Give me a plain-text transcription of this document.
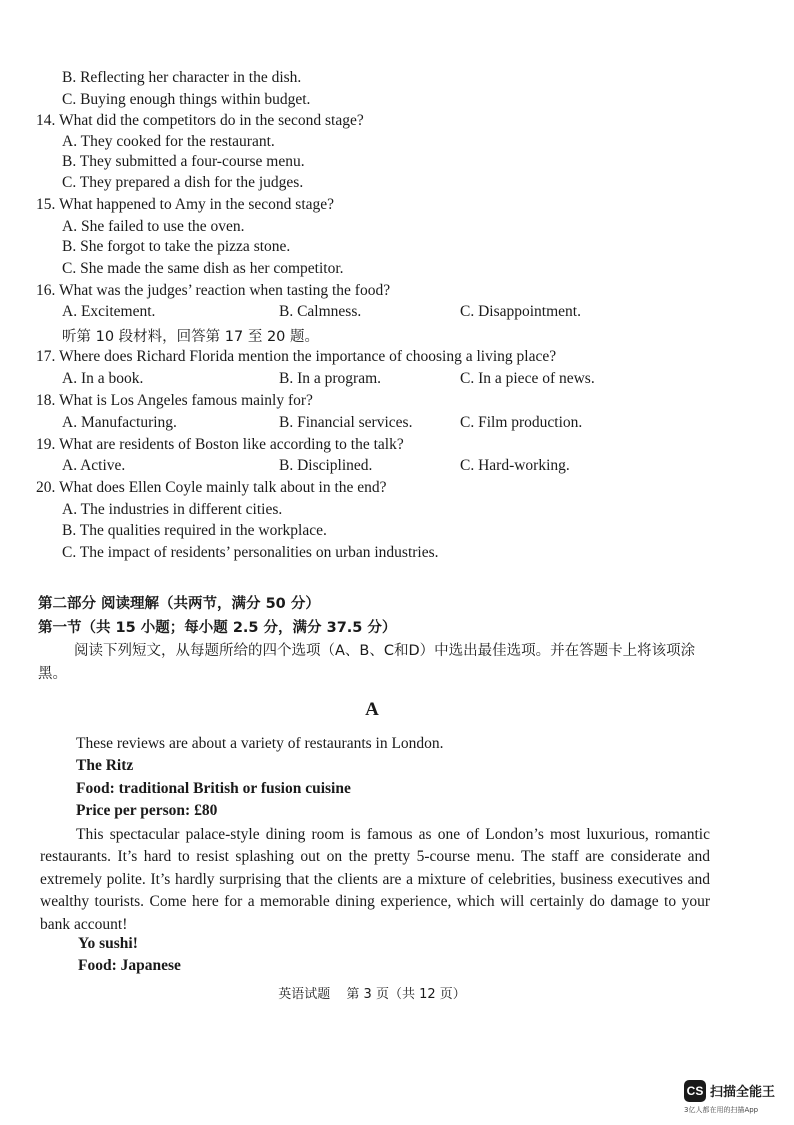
B. Reflecting her character in the dish.
C. Buying enough things within budget.
14. What did the competitors do in the second stage?
A. They cooked for the restaurant.
B. They submitted a four-course menu.
C. They prepared a dish for the judges.
15. What happened to Amy in the second stage?
A. She failed to use the oven.
B. She forgot to take the pizza stone.
C. She made the same dish as her competitor.
16. What was the judges’ reaction when tasting the food?
A. Excitement.	B. Calmness.	C. Disappointment.
听第 10 段材料，回答第 17 至 20 题。
17. Where does Richard Florida mention the importance of choosing a living place?
A. In a book.	B. In a program.	C. In a piece of news.
18. What is Los Angeles famous mainly for?
A. Manufacturing.	B. Financial services.	C. Film production.
19. What are residents of Boston like according to the talk?
A. Active.	B. Disciplined.	C. Hard-working.
20. What does Ellen Coyle mainly talk about in the end?
A. The industries in different cities.
B. The qualities required in the workplace.
C. The impact of residents’ personalities on urban industries.
第二部分 阅读理解（共两节，满分 50 分）
第一节（共 15 小题；每小题 2.5 分，满分 37.5 分）
阅读下列短文，从每题所给的四个选项（A、B、C和D）中选出最佳选项。并在答题卡上将该项涂黑。
A
These reviews are about a variety of restaurants in London.
The Ritz
Food: traditional British or fusion cuisine
Price per person: £80
This spectacular palace-style dining room is famous as one of London’s most luxurious, romantic restaurants. It’s hard to resist splashing out on the pretty 5-course menu. The staff are considerate and extremely polite. It’s hardly surprising that the clients are a mixture of celebrities, business executives and wealthy tourists. Come here for a memorable dining experience, which will certainly do damage to your bank account!
Yo sushi!
Food: Japanese
英语试题 第 3 页（共 12 页）
CS 扫描全能王
3亿人都在用的扫描App
